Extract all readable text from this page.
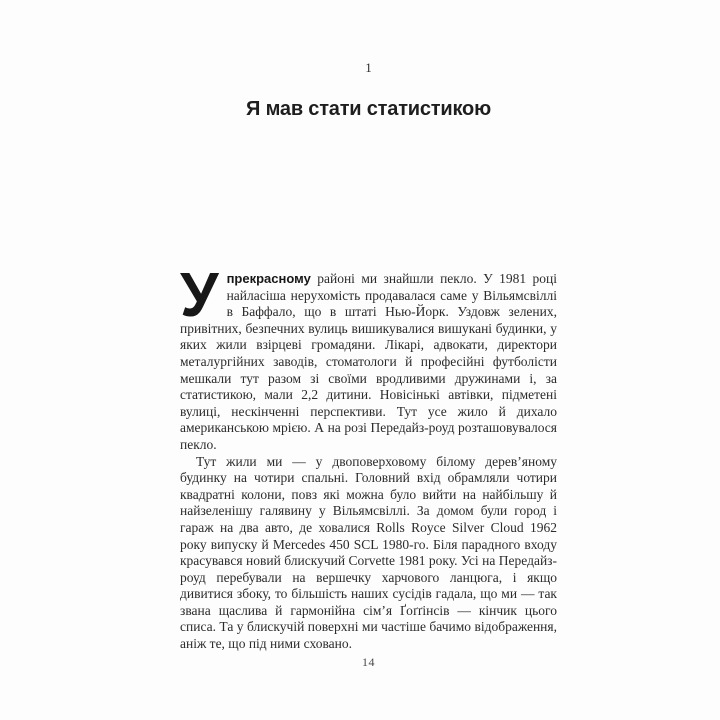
1
Я мав стати статистикою

У прекрасному районі ми знайшли пекло. У 1981 році найласіша нерухомість продавалася саме у Вільямсвіллі в Баффало, що в штаті Нью-Йорк. Уздовж зелених, привітних, безпечних вулиць вишикувалися вишукані будинки, у яких жили взірцеві громадяни. Лікарі, адвокати, директори металургійних заводів, стоматологи й професійні футболісти мешкали тут разом зі своїми вродливими дружинами і, за статистикою, мали 2,2 дитини. Новісінькі автівки, підметені вулиці, нескінченні перспективи. Тут усе жило й дихало американською мрією. А на розі Передайз-роуд розташовувалося пекло.

Тут жили ми — у двоповерховому білому дерев’яному будинку на чотири спальні. Головний вхід обрамляли чотири квадратні колони, повз які можна було вийти на найбільшу й найзеленішу галявину у Вільямсвіллі. За домом були город і гараж на два авто, де ховалися Rolls Royce Silver Cloud 1962 року випуску й Mercedes 450 SCL 1980-го. Біля парадного входу красувався новий блискучий Corvette 1981 року. Усі на Передайз-роуд перебували на вершечку харчового ланцюга, і якщо дивитися збоку, то більшість наших сусідів гадала, що ми — так звана щаслива й гармонійна сім’я Ґоґґінсів — кінчик цього списа. Та у блискучій поверхні ми частіше бачимо відображення, аніж те, що під ними сховано.

14
